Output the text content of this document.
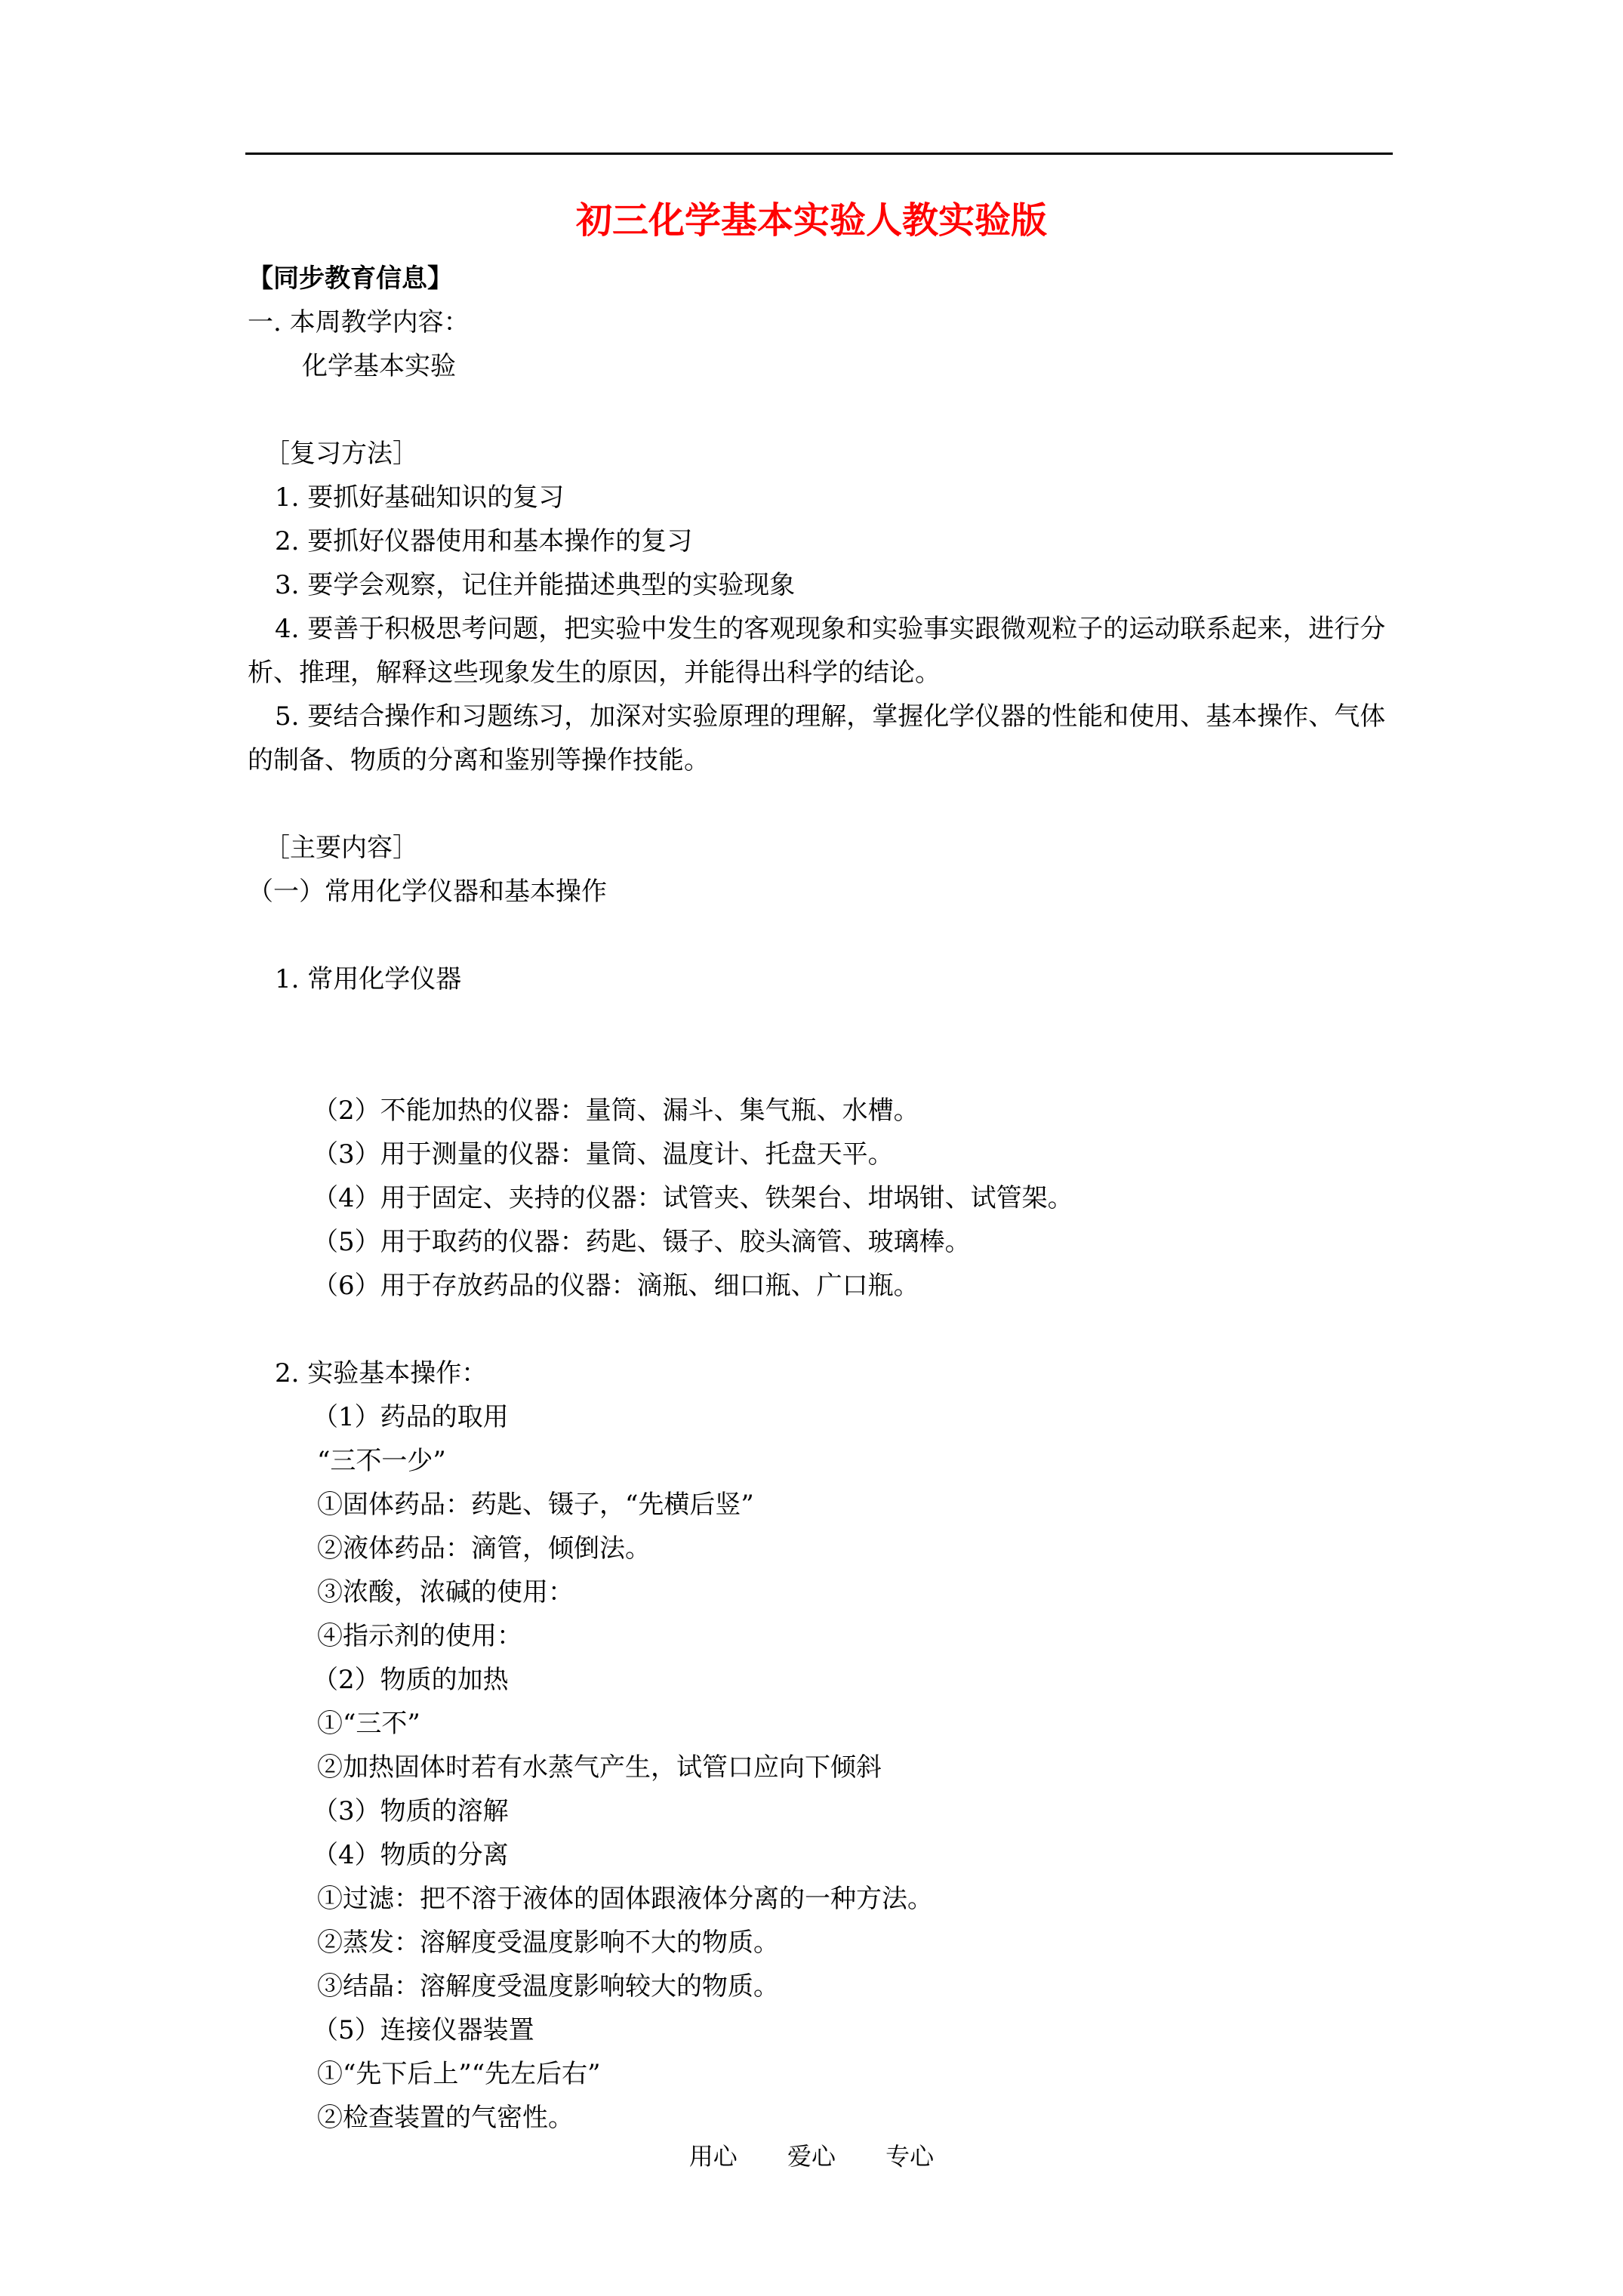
初三化学基本实验人教实验版
【同步教育信息】
一. 本周教学内容：
化学基本实验
［复习方法］
1. 要抓好基础知识的复习
2. 要抓好仪器使用和基本操作的复习
3. 要学会观察，记住并能描述典型的实验现象
4. 要善于积极思考问题，把实验中发生的客观现象和实验事实跟微观粒子的运动联系起来，进行分析、推理，解释这些现象发生的原因，并能得出科学的结论。
5. 要结合操作和习题练习，加深对实验原理的理解，掌握化学仪器的性能和使用、基本操作、气体的制备、物质的分离和鉴别等操作技能。
［主要内容］
（一）常用化学仪器和基本操作
1. 常用化学仪器
（2）不能加热的仪器：量筒、漏斗、集气瓶、水槽。
（3）用于测量的仪器：量筒、温度计、托盘天平。
（4）用于固定、夹持的仪器：试管夹、铁架台、坩埚钳、试管架。
（5）用于取药的仪器：药匙、镊子、胶头滴管、玻璃棒。
（6）用于存放药品的仪器：滴瓶、细口瓶、广口瓶。
2. 实验基本操作：
（1）药品的取用
“三不一少”
①固体药品：药匙、镊子，“先横后竖”
②液体药品：滴管，倾倒法。
③浓酸，浓碱的使用：
④指示剂的使用：
（2）物质的加热
①“三不”
②加热固体时若有水蒸气产生，试管口应向下倾斜
（3）物质的溶解
（4）物质的分离
①过滤：把不溶于液体的固体跟液体分离的一种方法。
②蒸发：溶解度受温度影响不大的物质。
③结晶：溶解度受温度影响较大的物质。
（5）连接仪器装置
①“先下后上”“先左后右”
②检查装置的气密性。
用心 爱心 专心
